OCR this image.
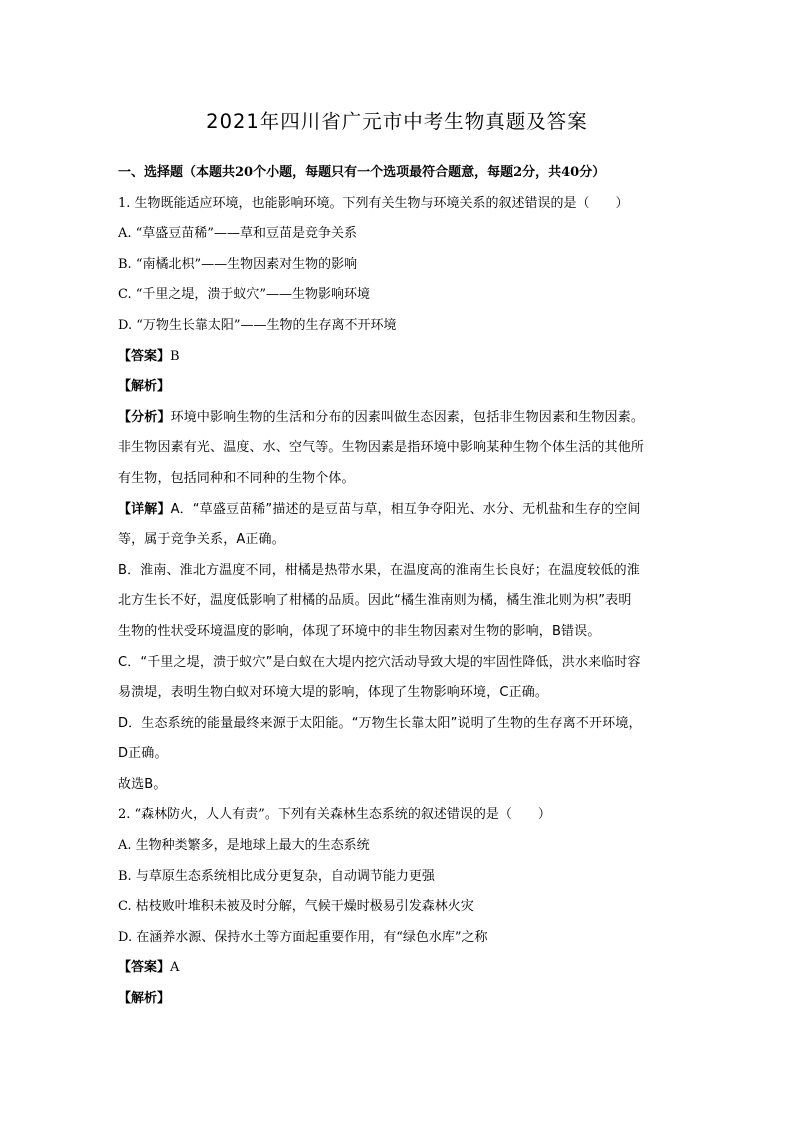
2021年四川省广元市中考生物真题及答案
一、选择题（本题共20个小题，每题只有一个选项最符合题意，每题2分，共40分）
1. 生物既能适应环境，也能影响环境。下列有关生物与环境关系的叙述错误的是（　　）
A. “草盛豆苗稀”——草和豆苗是竞争关系
B. “南橘北枳”——生物因素对生物的影响
C. “千里之堤，溃于蚁穴”——生物影响环境
D. “万物生长靠太阳”——生物的生存离不开环境
【答案】B
【解析】
【分析】环境中影响生物的生活和分布的因素叫做生态因素，包括非生物因素和生物因素。
非生物因素有光、温度、水、空气等。生物因素是指环境中影响某种生物个体生活的其他所
有生物，包括同种和不同种的生物个体。
【详解】A．“草盛豆苗稀”描述的是豆苗与草，相互争夺阳光、水分、无机盐和生存的空间
等，属于竞争关系，A正确。
B．淮南、淮北方温度不同，柑橘是热带水果，在温度高的淮南生长良好；在温度较低的淮
北方生长不好，温度低影响了柑橘的品质。因此“橘生淮南则为橘，橘生淮北则为枳”表明
生物的性状受环境温度的影响，体现了环境中的非生物因素对生物的影响，B错误。
C．“千里之堤，溃于蚁穴”是白蚁在大堤内挖穴活动导致大堤的牢固性降低，洪水来临时容
易溃堤，表明生物白蚁对环境大堤的影响，体现了生物影响环境，C正确。
D．生态系统的能量最终来源于太阳能。“万物生长靠太阳”说明了生物的生存离不开环境，
D正确。
故选B。
2. “森林防火，人人有责”。下列有关森林生态系统的叙述错误的是（　　）
A. 生物种类繁多，是地球上最大的生态系统
B. 与草原生态系统相比成分更复杂，自动调节能力更强
C. 枯枝败叶堆积未被及时分解，气候干燥时极易引发森林火灾
D. 在涵养水源、保持水土等方面起重要作用，有“绿色水库”之称
【答案】A
【解析】
